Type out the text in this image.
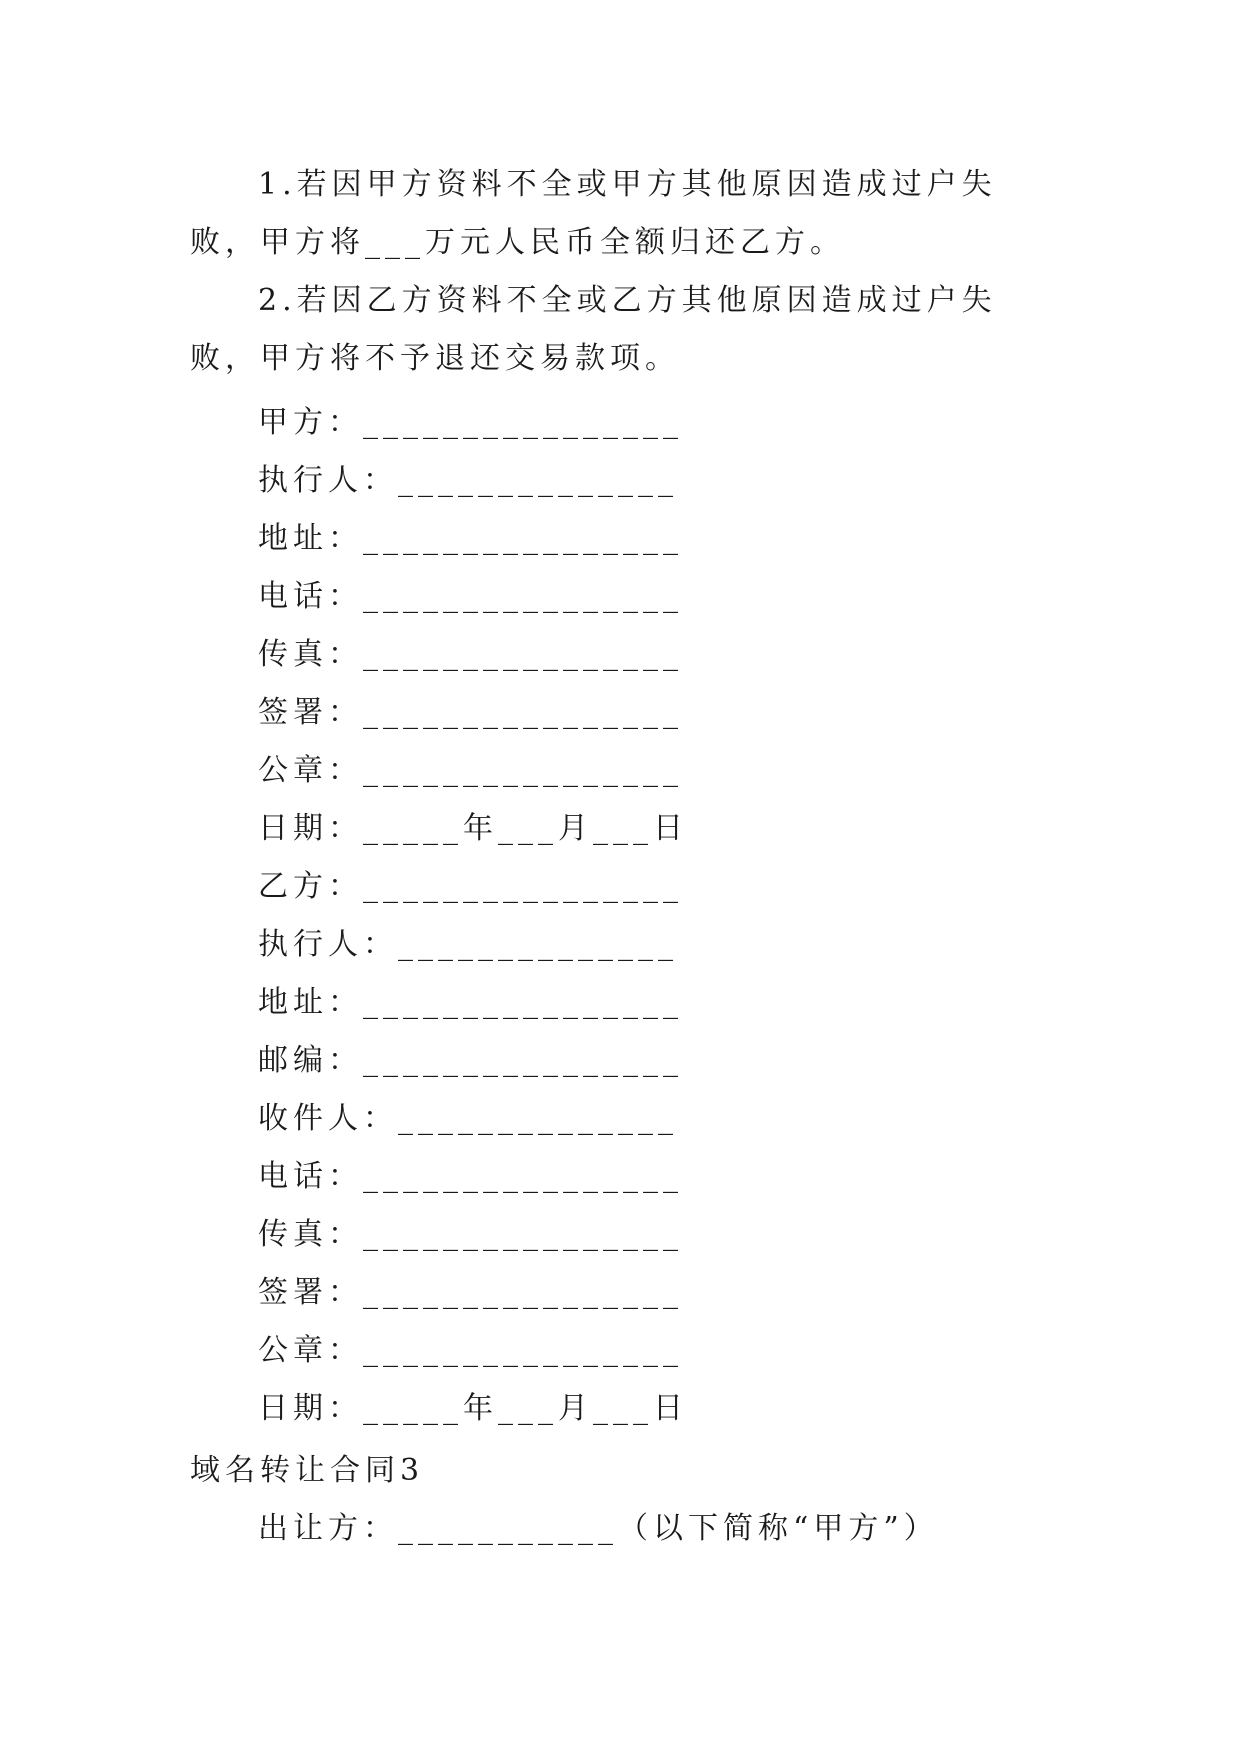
1.若因甲方资料不全或甲方其他原因造成过户失败，甲方将___万元人民币全额归还乙方。

2.若因乙方资料不全或乙方其他原因造成过户失败，甲方将不予退还交易款项。

甲方：________________
执行人：______________
地址：________________
电话：________________
传真：________________
签署：________________
公章：________________
日期：_____年___月___日
乙方：________________
执行人：______________
地址：________________
邮编：________________
收件人：______________
电话：________________
传真：________________
签署：________________
公章：________________
日期：_____年___月___日
域名转让合同3
出让方：___________（以下简称“甲方”）
